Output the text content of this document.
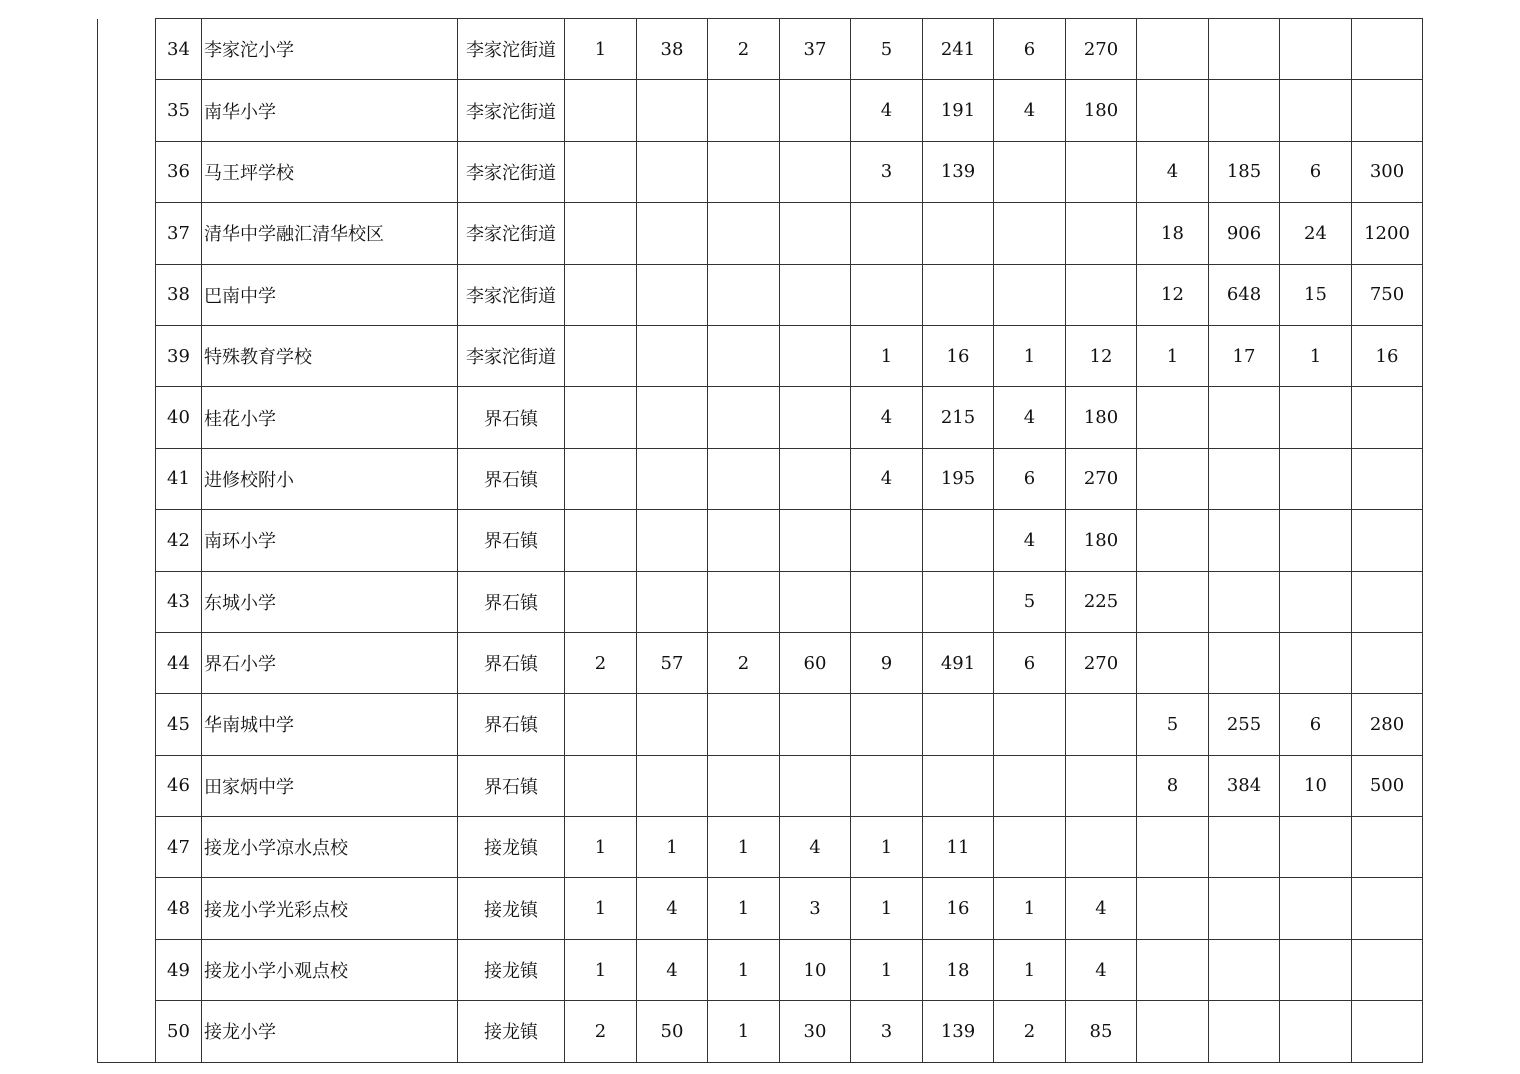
	34	李家沱小学	李家沱街道	1	38	2	37	5	241	6	270				
	35	南华小学	李家沱街道					4	191	4	180				
	36	马王坪学校	李家沱街道					3	139			4	185	6	300
	37	清华中学融汇清华校区	李家沱街道									18	906	24	1200
	38	巴南中学	李家沱街道									12	648	15	750
	39	特殊教育学校	李家沱街道					1	16	1	12	1	17	1	16
	40	桂花小学	界石镇					4	215	4	180				
	41	进修校附小	界石镇					4	195	6	270				
	42	南环小学	界石镇							4	180				
	43	东城小学	界石镇							5	225				
	44	界石小学	界石镇	2	57	2	60	9	491	6	270				
	45	华南城中学	界石镇									5	255	6	280
	46	田家炳中学	界石镇									8	384	10	500
	47	接龙小学凉水点校	接龙镇	1	1	1	4	1	11						
	48	接龙小学光彩点校	接龙镇	1	4	1	3	1	16	1	4				
	49	接龙小学小观点校	接龙镇	1	4	1	10	1	18	1	4				
	50	接龙小学	接龙镇	2	50	1	30	3	139	2	85				
